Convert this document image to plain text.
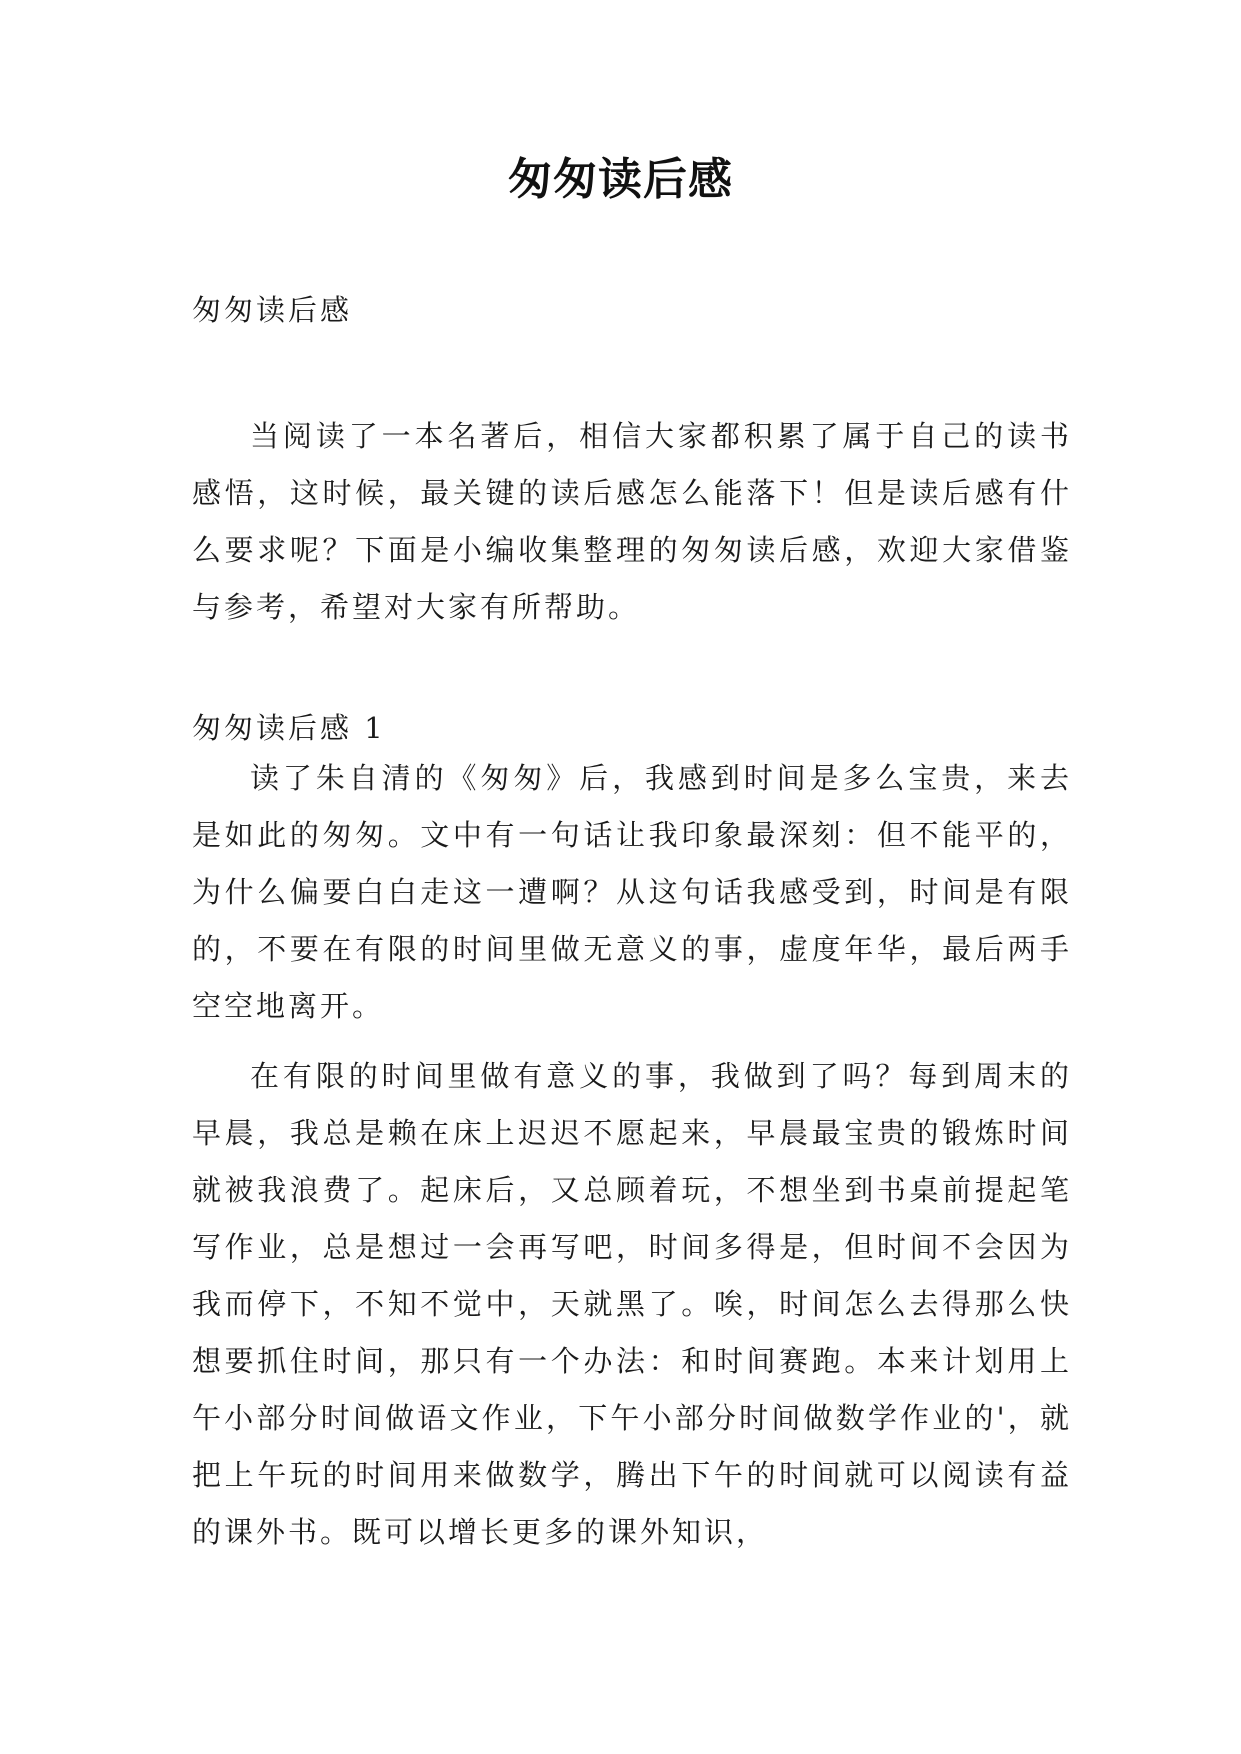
匆匆读后感
匆匆读后感

当阅读了一本名著后，相信大家都积累了属于自己的读书感悟，这时候，最关键的读后感怎么能落下！但是读后感有什么要求呢？下面是小编收集整理的匆匆读后感，欢迎大家借鉴与参考，希望对大家有所帮助。

匆匆读后感 1

读了朱自清的《匆匆》后，我感到时间是多么宝贵，来去是如此的匆匆。文中有一句话让我印象最深刻：但不能平的，为什么偏要白白走这一遭啊？从这句话我感受到，时间是有限的，不要在有限的时间里做无意义的事，虚度年华，最后两手空空地离开。

在有限的时间里做有意义的事，我做到了吗？每到周末的早晨，我总是赖在床上迟迟不愿起来，早晨最宝贵的锻炼时间就被我浪费了。起床后，又总顾着玩，不想坐到书桌前提起笔写作业，总是想过一会再写吧，时间多得是，但时间不会因为我而停下，不知不觉中，天就黑了。唉，时间怎么去得那么快想要抓住时间，那只有一个办法：和时间赛跑。本来计划用上午小部分时间做语文作业，下午小部分时间做数学作业的'，就把上午玩的时间用来做数学，腾出下午的时间就可以阅读有益的课外书。既可以增长更多的课外知识，
